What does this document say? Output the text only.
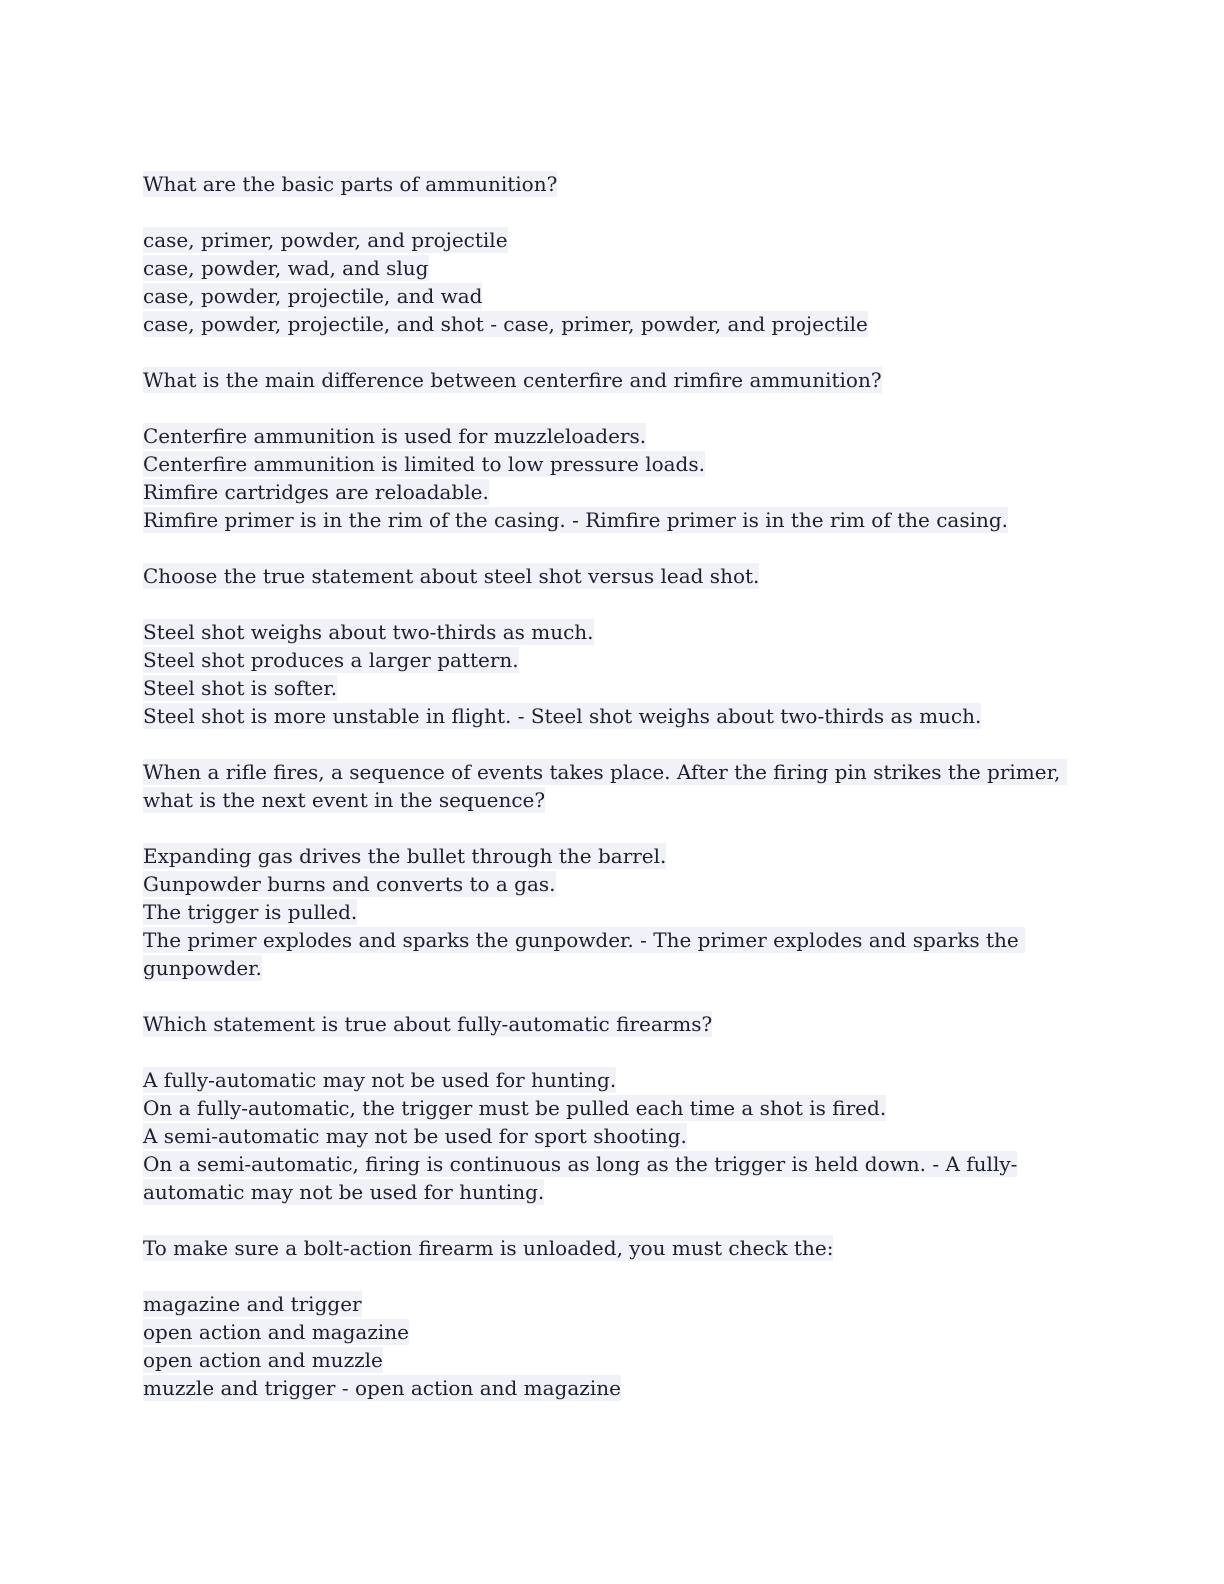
What are the basic parts of ammunition?
case, primer, powder, and projectile
case, powder, wad, and slug
case, powder, projectile, and wad
case, powder, projectile, and shot - case, primer, powder, and projectile
What is the main difference between centerfire and rimfire ammunition?
Centerfire ammunition is used for muzzleloaders.
Centerfire ammunition is limited to low pressure loads.
Rimfire cartridges are reloadable.
Rimfire primer is in the rim of the casing. - Rimfire primer is in the rim of the casing.
Choose the true statement about steel shot versus lead shot.
Steel shot weighs about two-thirds as much.
Steel shot produces a larger pattern.
Steel shot is softer.
Steel shot is more unstable in flight. - Steel shot weighs about two-thirds as much.
When a rifle fires, a sequence of events takes place. After the firing pin strikes the primer, what is the next event in the sequence?
Expanding gas drives the bullet through the barrel.
Gunpowder burns and converts to a gas.
The trigger is pulled.
The primer explodes and sparks the gunpowder. - The primer explodes and sparks the gunpowder.
Which statement is true about fully-automatic firearms?
A fully-automatic may not be used for hunting.
On a fully-automatic, the trigger must be pulled each time a shot is fired.
A semi-automatic may not be used for sport shooting.
On a semi-automatic, firing is continuous as long as the trigger is held down. - A fully-automatic may not be used for hunting.
To make sure a bolt-action firearm is unloaded, you must check the:
magazine and trigger
open action and magazine
open action and muzzle
muzzle and trigger - open action and magazine
